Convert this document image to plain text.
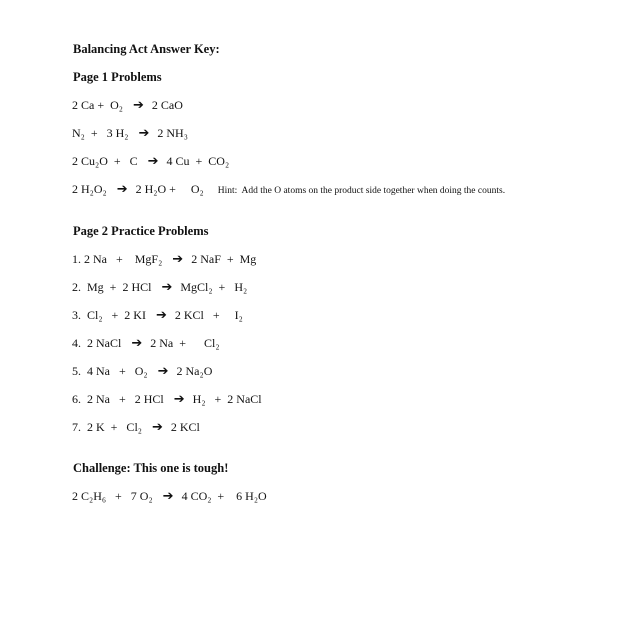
Balancing Act Answer Key:
Page 1 Problems
2 Ca +  O₂ ➔ 2 CaO
N₂  +   3 H₂ ➔ 2 NH₃
2 Cu₂O  +   C ➔ 4 Cu  +  CO₂
2 H₂O₂ ➔ 2 H₂O +     O₂ Hint:  Add the O atoms on the product side together when doing the counts.
Page 2 Practice Problems
1. 2 Na   +    MgF₂ ➔ 2 NaF  +  Mg
2.  Mg  +  2 HCl ➔ MgCl₂  +   H₂
3.  Cl₂   +  2 KI ➔ 2 KCl   +     I₂
4.  2 NaCl ➔ 2 Na  +      Cl₂
5.  4 Na   +   O₂ ➔ 2 Na₂O
6.  2 Na   +   2 HCl ➔ H₂   +  2 NaCl
7.  2 K  +   Cl₂ ➔ 2 KCl
Challenge: This one is tough!
2 C₂H₆   +   7 O₂ ➔ 4 CO₂  +    6 H₂O
